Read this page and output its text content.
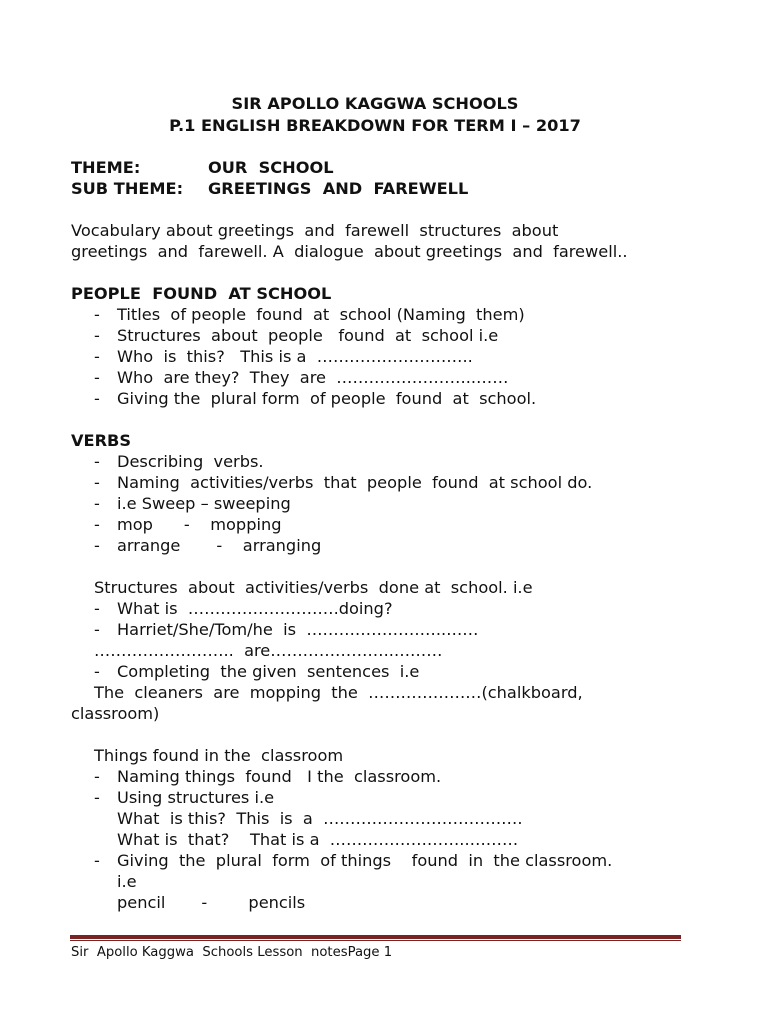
SIR APOLLO KAGGWA SCHOOLS
P.1 ENGLISH BREAKDOWN FOR TERM I – 2017
THEME:	OUR  SCHOOL
SUB THEME: GREETINGS  AND  FAREWELL
Vocabulary about greetings  and  farewell  structures  about
greetings  and  farewell. A  dialogue  about greetings  and  farewell..
PEOPLE  FOUND  AT SCHOOL
- Titles  of people  found  at  school (Naming  them)
- Structures  about  people   found  at  school i.e
- Who  is  this?   This is a  ………………………..
- Who  are they?  They  are  ……………………..……
- Giving the  plural form  of people  found  at  school.
VERBS
- Describing  verbs.
- Naming  activities/verbs  that  people  found  at school do.
- i.e Sweep – sweeping
- mop      -    mopping
- arrange       -    arranging
Structures  about  activities/verbs  done at  school. i.e
- What is  ……………………….doing?
- Harriet/She/Tom/he  is  ……………………..……
……………………..  are…………………..………
- Completing  the given  sentences  i.e
The  cleaners  are  mopping  the  …………………(chalkboard,
classroom)
Things found in the  classroom
- Naming things  found   I the  classroom.
- Using structures i.e
What  is this?  This  is  a  ……………………………….
What is  that?    That is a  ……………………..………
- Giving  the  plural  form  of things    found  in  the classroom.
i.e
pencil       -        pencils
Sir  Apollo Kaggwa  Schools Lesson  notesPage 1
